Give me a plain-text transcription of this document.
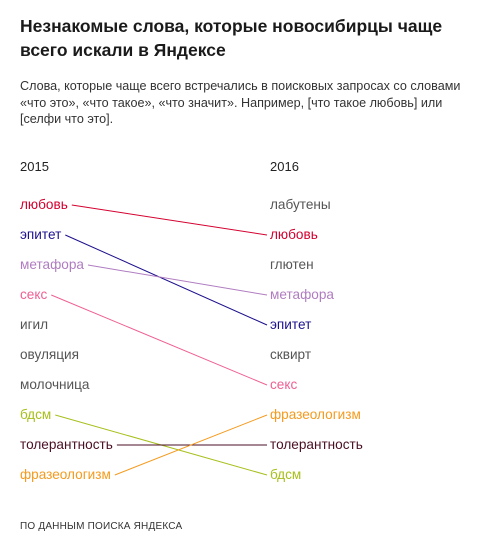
Незнакомые слова, которые новосибирцы чаще всего искали в Яндексе

Слова, которые чаще всего встречались в поисковых запросах со словами «что это», «что такое», «что значит». Например, [что такое любовь] или [селфи что это].

2015	2016
любовь
эпитет
метафора
секс
игил
овуляция
молочница
бдсм
толерантность
фразеологизм
лабутены
любовь
глютен
метафора
эпитет
сквирт
секс
фразеологизм
толерантность
бдсм
ПО ДАННЫМ ПОИСКА ЯНДЕКСА
